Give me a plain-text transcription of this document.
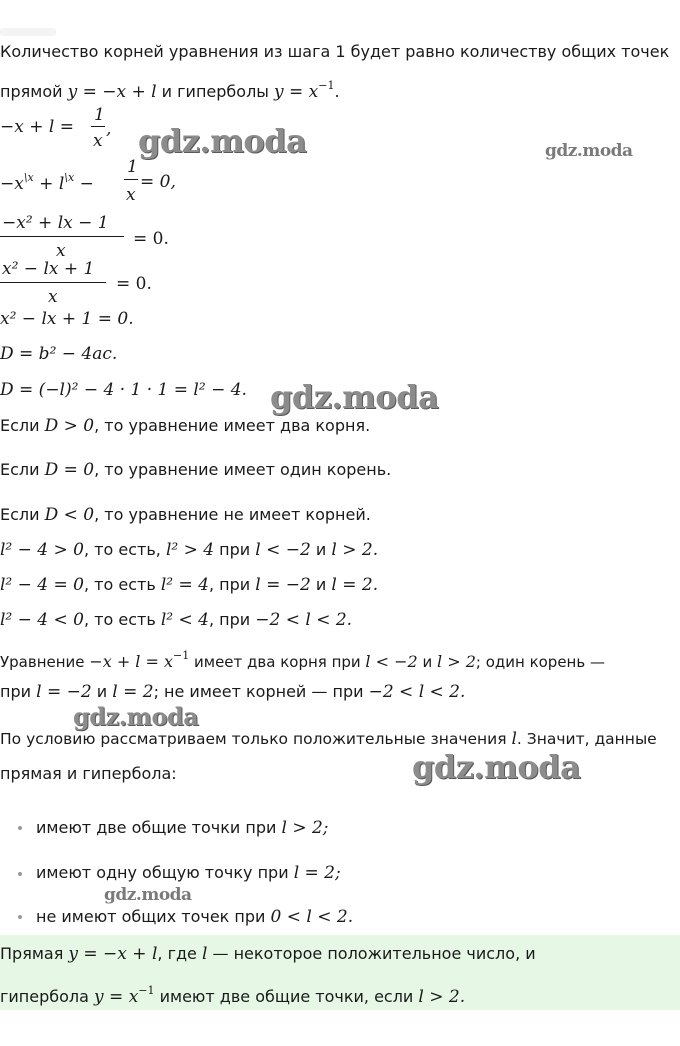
Количество корней уравнения из шага 1 будет равно количеству общих точек
прямой y = −x + l и гиперболы $y = x^{-1}$.
−x + l =
1
x
,
$-x^{\backslash x} + l^{\backslash x}$ −
1
x
= 0,
−x² + lx − 1
x
= 0.
x² − lx + 1
x
= 0.
x² − lx + 1 = 0.
D = b² − 4ac.
D = (−l)² − 4 · 1 · 1 = l² − 4.
Если D > 0, то уравнение имеет два корня.
Если D = 0, то уравнение имеет один корень.
Если D < 0, то уравнение не имеет корней.
l² − 4 > 0, то есть, l² > 4 при l < −2 и l > 2.
l² − 4 = 0, то есть l² = 4, при l = −2 и l = 2.
l² − 4 < 0, то есть l² < 4, при −2 < l < 2.
Уравнение $-x + l = x^{-1}$ имеет два корня при l < −2 и l > 2; один корень —
при l = −2 и l = 2; не имеет корней — при −2 < l < 2.
По условию рассматриваем только положительные значения l. Значит, данные
прямая и гипербола:
имеют две общие точки при l > 2;
имеют одну общую точку при l = 2;
не имеют общих точек при 0 < l < 2.
Прямая y = −x + l, где l — некоторое положительное число, и
гипербола $y = x^{-1}$ имеют две общие точки, если l > 2.
gdz.moda	gdz.moda
gdz.moda
gdz.moda
gdz.moda
gdz.moda
